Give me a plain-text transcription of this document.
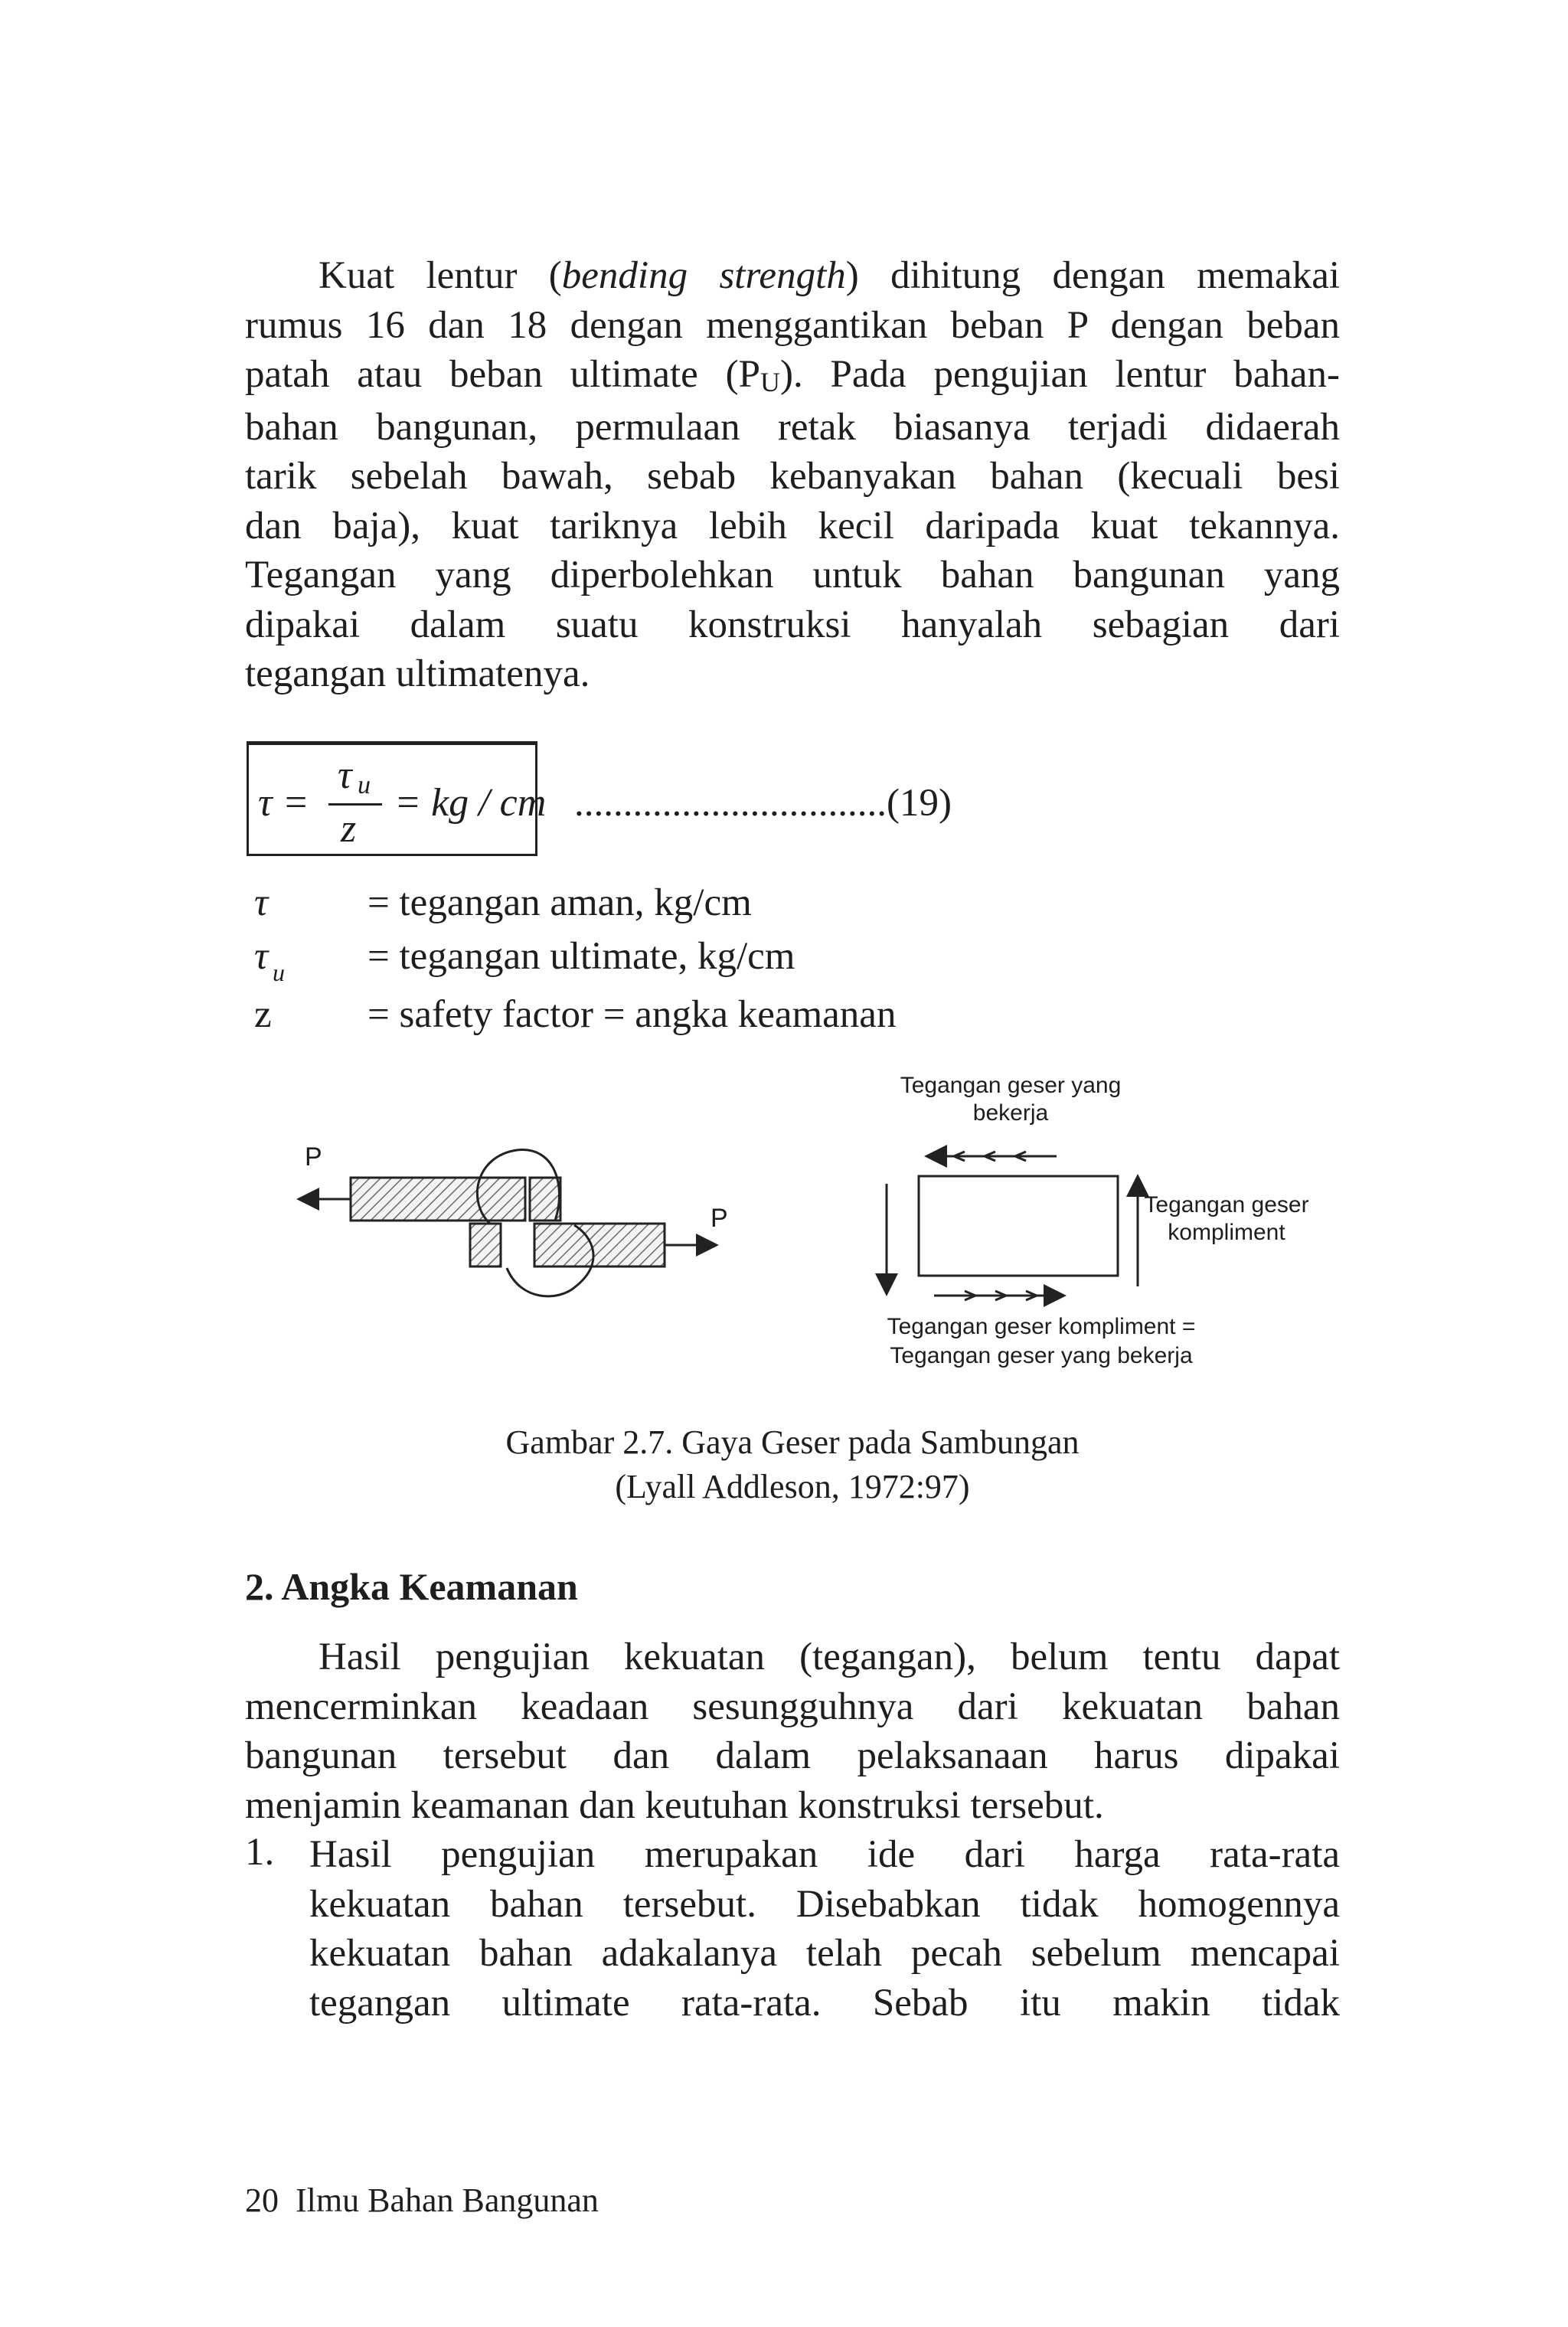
Kuat lentur (bending strength) dihitung dengan memakai
rumus 16 dan 18 dengan menggantikan beban P dengan beban
patah atau beban ultimate (PU). Pada pengujian lentur bahan-
bahan bangunan, permulaan retak biasanya terjadi didaerah
tarik sebelah bawah, sebab kebanyakan bahan (kecuali besi
dan baja), kuat tariknya lebih kecil daripada kuat tekannya.
Tegangan yang diperbolehkan untuk bahan bangunan yang
dipakai dalam suatu konstruksi hanyalah sebagian dari
tegangan ultimatenya.
τ =
τ u
z
= kg / cm ................................(19)
τ	= tegangan aman, kg/cm
τ u = tegangan ultimate, kg/cm
z = safety factor = angka keamanan
P
P
Tegangan geser yang
bekerja
Tegangan geser
kompliment
Tegangan geser kompliment =
Tegangan geser yang bekerja
Gambar 2.7. Gaya Geser pada Sambungan
(Lyall Addleson, 1972:97)
2. Angka Keamanan
Hasil pengujian kekuatan (tegangan), belum tentu dapat
mencerminkan keadaan sesungguhnya dari kekuatan bahan
bangunan tersebut dan dalam pelaksanaan harus dipakai
menjamin keamanan dan keutuhan konstruksi tersebut.
1. Hasil pengujian merupakan ide dari harga rata-rata
kekuatan bahan tersebut. Disebabkan tidak homogennya
kekuatan bahan adakalanya telah pecah sebelum mencapai
tegangan ultimate rata-rata. Sebab itu makin tidak
20 Ilmu Bahan Bangunan
